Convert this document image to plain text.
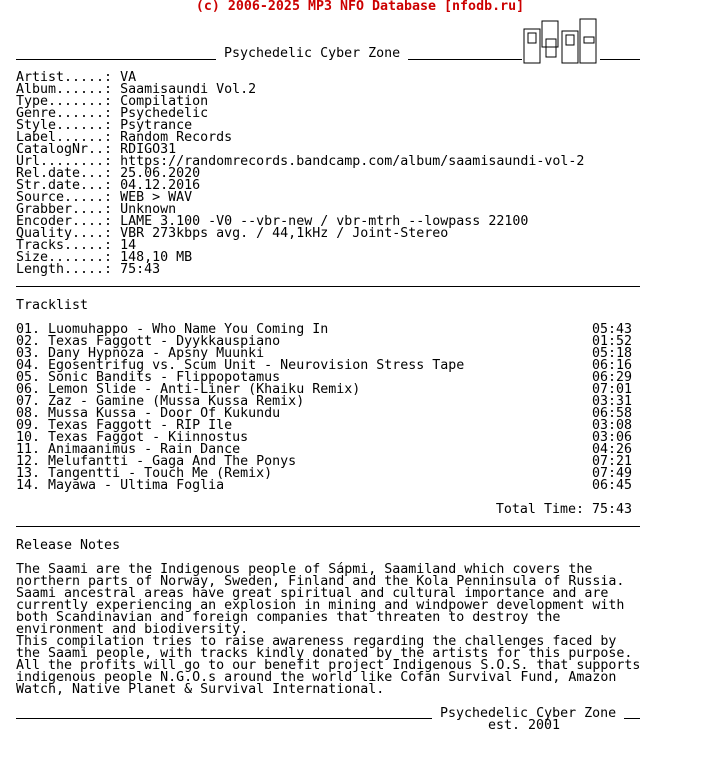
(c) 2006-2025 MP3 NFO Database [nfodb.ru]
Psychedelic Cyber Zone
Artist.....: VA
Album......: Saamisaundi Vol.2
Type.......: Compilation
Genre......: Psychedelic
Style......: Psytrance
Label......: Random Records
CatalogNr..: RDIGO31
Url........: https://randomrecords.bandcamp.com/album/saamisaundi-vol-2
Rel.date...: 25.06.2020
Str.date...: 04.12.2016
Source.....: WEB > WAV
Grabber....: Unknown
Encoder....: LAME 3.100 -V0 --vbr-new / vbr-mtrh --lowpass 22100
Quality....: VBR 273kbps avg. / 44,1kHz / Joint-Stereo
Tracks.....: 14
Size.......: 148,10 MB
Length.....: 75:43
Tracklist
01. Luomuhappo - Who Name You Coming In	05:43
02. Texas Faggott - Dyykkauspiano	01:52
03. Dany Hypnoza - Apsny Muunki	05:18
04. Egosentrifug vs. Scum Unit - Neurovision Stress Tape	06:16
05. Sonic Bandits - Flippopotamus	06:29
06. Lemon Slide - Anti-Liner (Khaiku Remix)	07:01
07. Zaz - Gamine (Mussa Kussa Remix)	03:31
08. Mussa Kussa - Door Of Kukundu	06:58
09. Texas Faggott - RIP Ile	03:08
10. Texas Faggot - Kiinnostus	03:06
11. Animaanimus - Rain Dance	04:26
12. Melufantti - Gaga And The Ponys	07:21
13. Tangentti - Touch Me (Remix)	07:49
14. Mayawa - Ultima Foglia	06:45
Total Time: 75:43
Release Notes
The Saami are the Indigenous people of Sápmi, Saamiland which covers the
northern parts of Norway, Sweden, Finland and the Kola Penninsula of Russia.
Saami ancestral areas have great spiritual and cultural importance and are
currently experiencing an explosion in mining and windpower development with
both Scandinavian and foreign companies that threaten to destroy the
environment and biodiversity.
This compilation tries to raise awareness regarding the challenges faced by
the Saami people, with tracks kindly donated by the artists for this purpose.
All the profits will go to our benefit project Indigenous S.O.S. that supports
indigenous people N.G.O.s around the world like Cofan Survival Fund, Amazon
Watch, Native Planet & Survival International.
Psychedelic Cyber Zone
est. 2001
